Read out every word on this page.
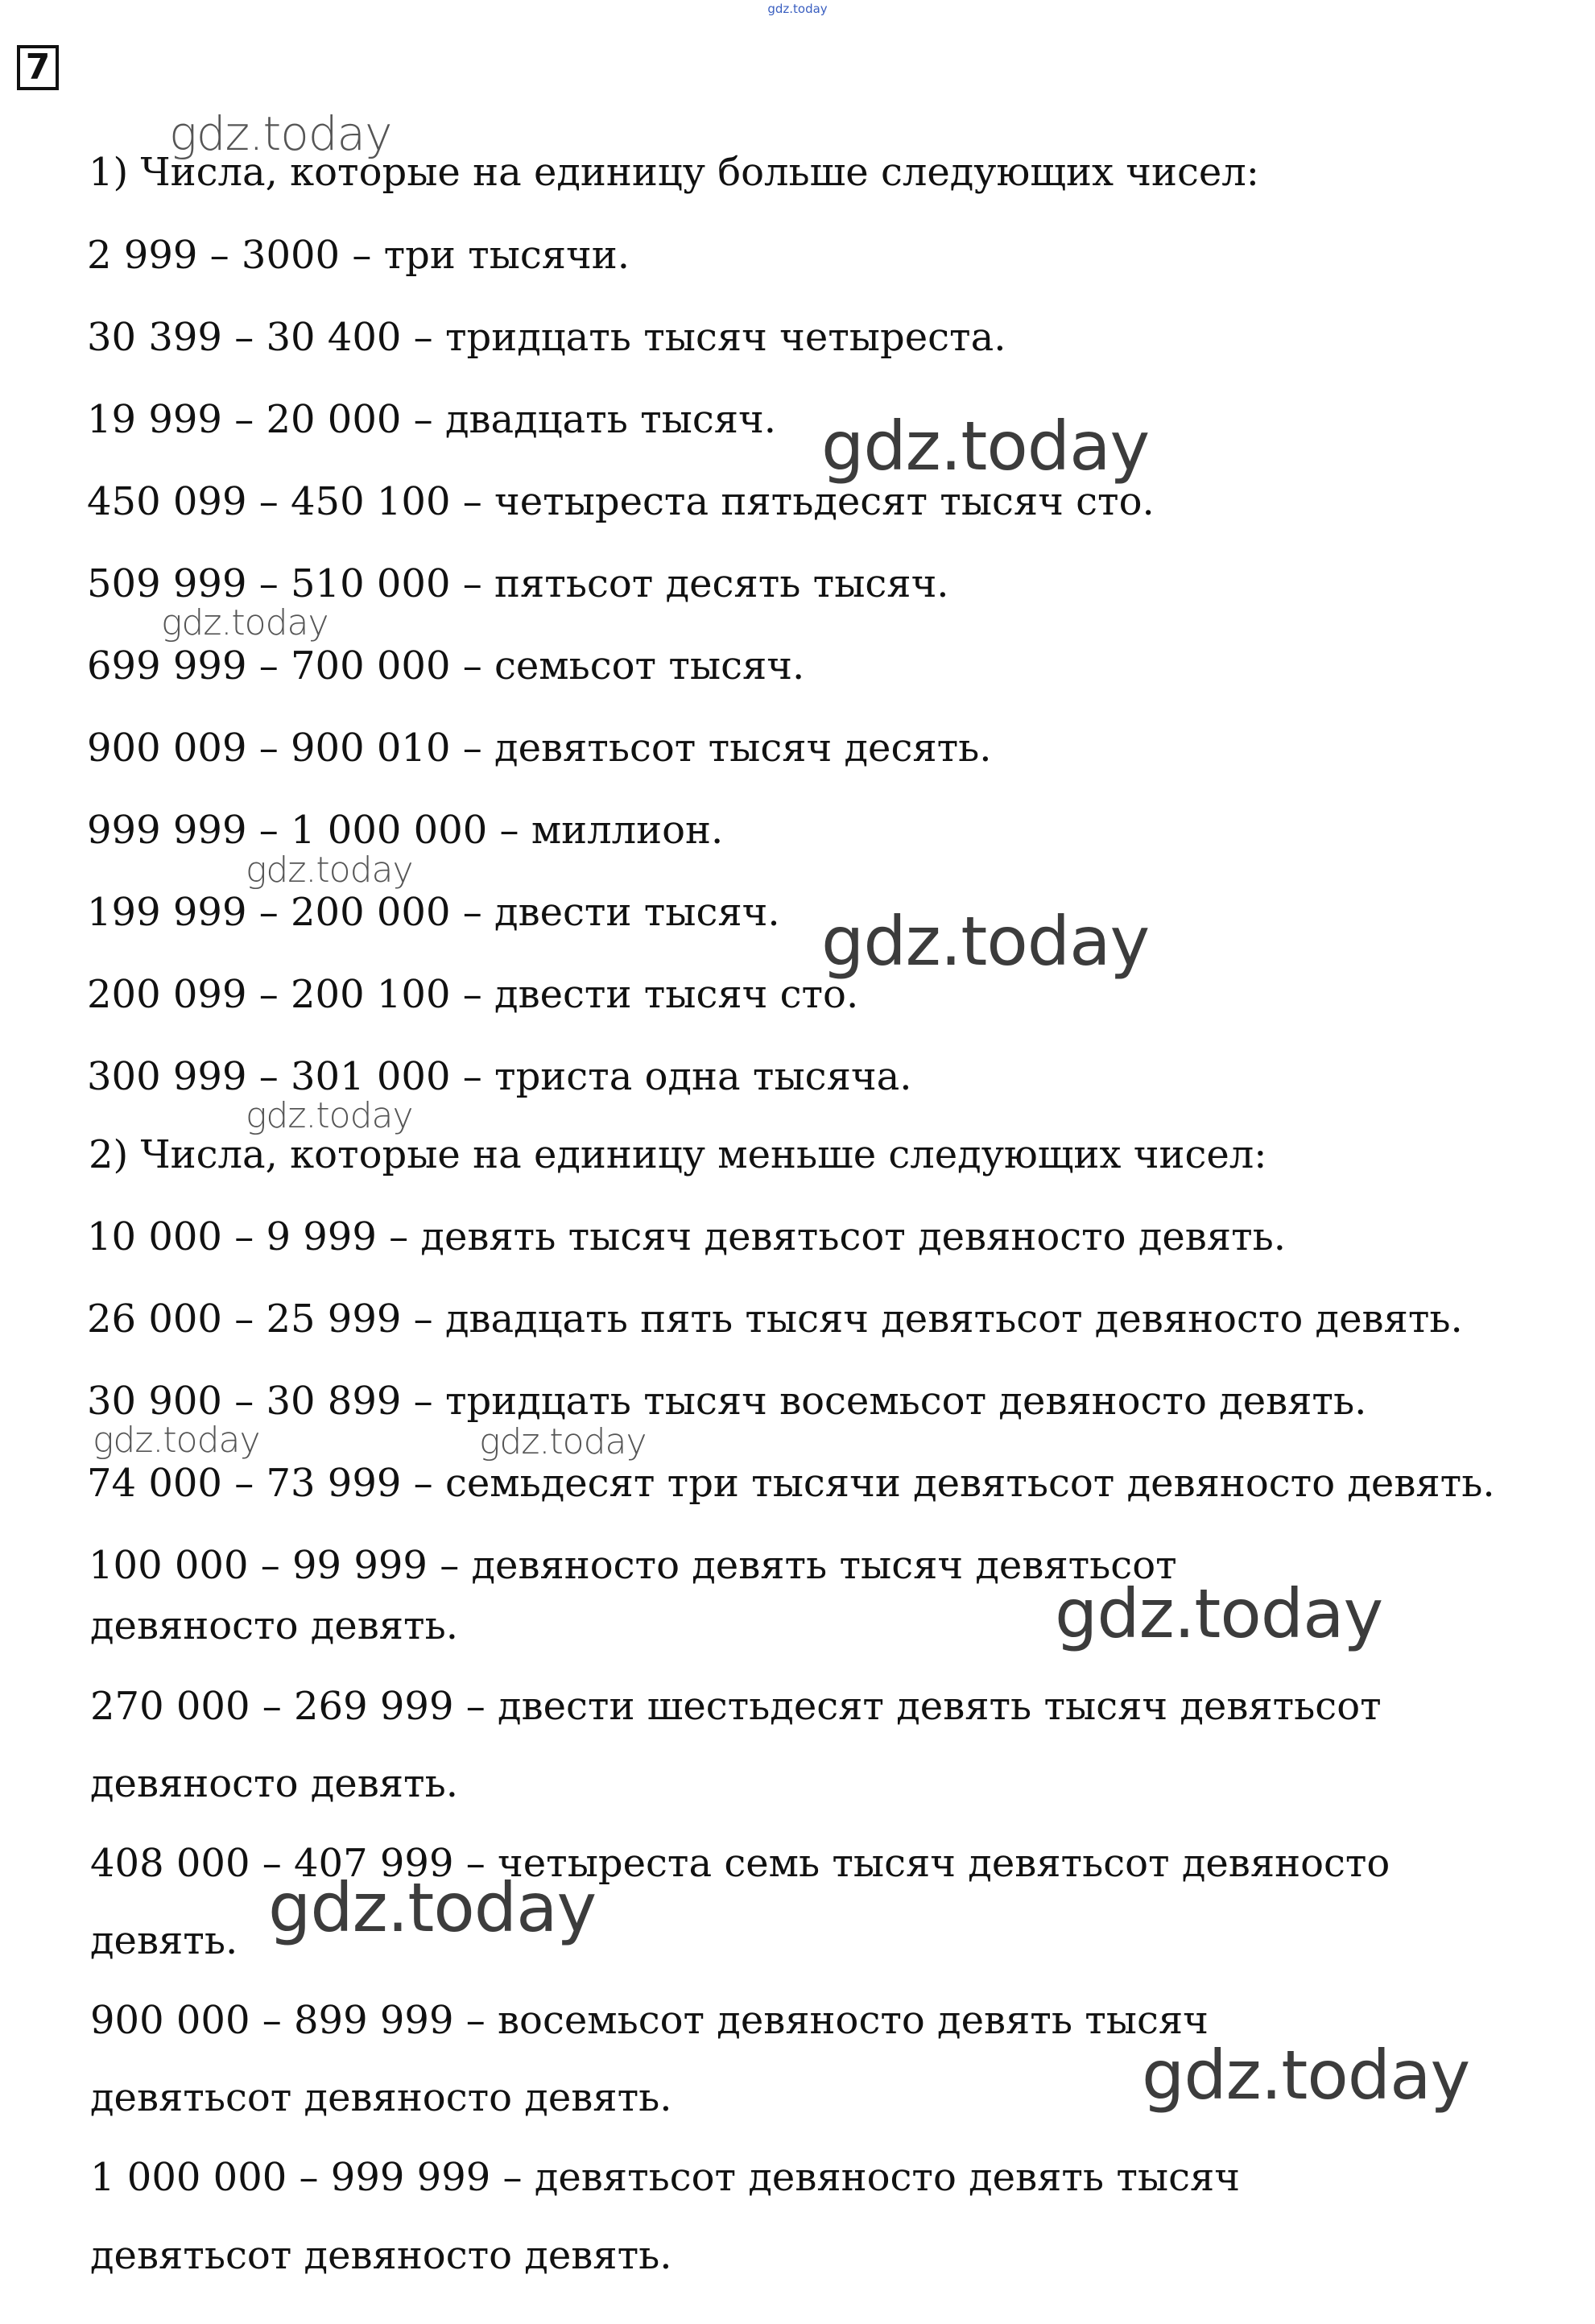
gdz.today
7

1) Числа, которые на единицу больше следующих чисел:

2 999 – 3000 – три тысячи.

30 399 – 30 400 – тридцать тысяч четыреста.

19 999 – 20 000 – двадцать тысяч.

450 099 – 450 100 – четыреста пятьдесят тысяч сто.

509 999 – 510 000 – пятьсот десять тысяч.

699 999 – 700 000 – семьсот тысяч.

900 009 – 900 010 – девятьсот тысяч десять.

999 999 – 1 000 000 – миллион.

199 999 – 200 000 – двести тысяч.

200 099 – 200 100 – двести тысяч сто.

300 999 – 301 000 – триста одна тысяча.

2) Числа, которые на единицу меньше следующих чисел:

10 000 – 9 999 – девять тысяч девятьсот девяносто девять.

26 000 – 25 999 – двадцать пять тысяч девятьсот девяносто девять.

30 900 – 30 899 – тридцать тысяч восемьсот девяносто девять.

74 000 – 73 999 – семьдесят три тысячи девятьсот девяносто девять.

100 000 – 99 999 – девяносто девять тысяч девятьсот

девяносто девять.

270 000 – 269 999 – двести шестьдесят девять тысяч девятьсот

девяносто девять.

408 000 – 407 999 – четыреста семь тысяч девятьсот девяносто

девять.

900 000 – 899 999 – восемьсот девяносто девять тысяч

девятьсот девяносто девять.

1 000 000 – 999 999 – девятьсот девяносто девять тысяч

девятьсот девяносто девять.

gdz.today
gdz.today
gdz.today
gdz.today
gdz.today
gdz.today
gdz.today	gdz.today
gdz.today
gdz.today
gdz.today
